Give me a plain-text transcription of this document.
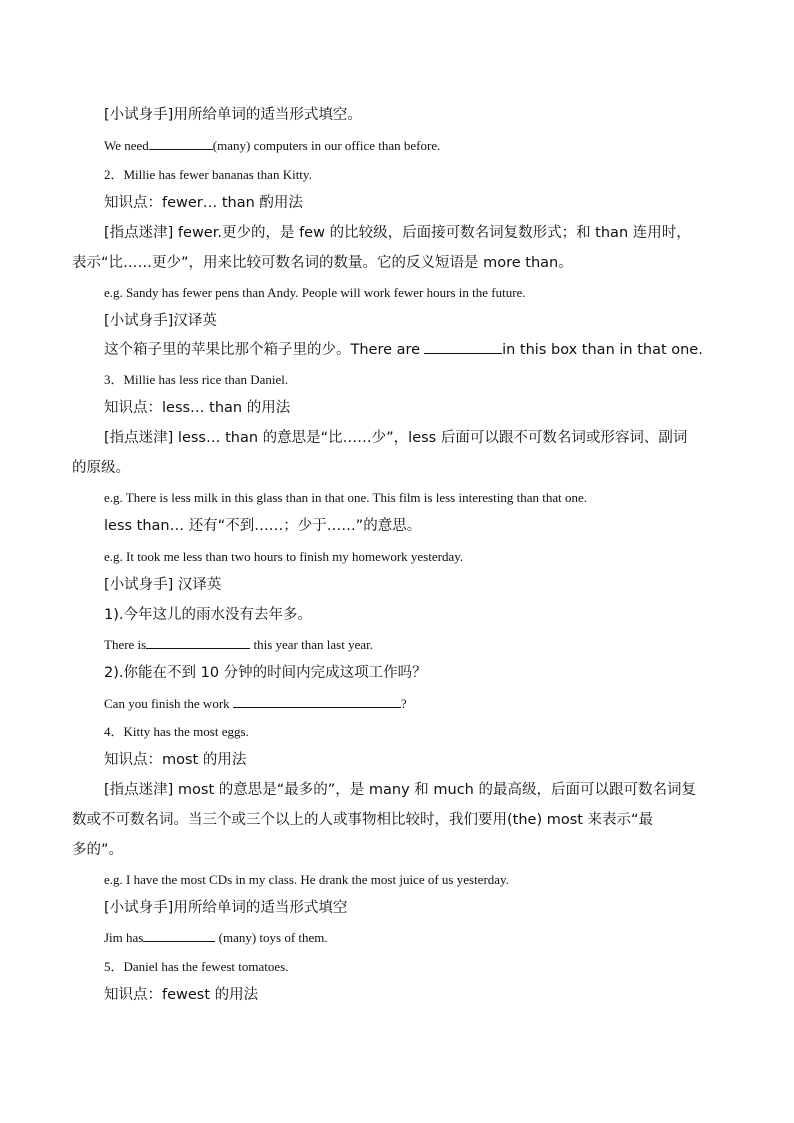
[小试身手]用所给单词的适当形式填空。
We need	(many) computers in our office than before.
2．Millie has fewer bananas than Kitty.
知识点：fewer… than 酌用法
[指点迷津] fewer.更少的，是 few 的比较级，后面接可数名词复数形式；和 than 连用时，
表示“比……更少”，用来比较可数名词的数量。它的反义短语是 more than。
e.g. Sandy has fewer pens than Andy. People will work fewer hours in the future.
[小试身手]汉译英
这个箱子里的苹果比那个箱子里的少。There are	in this box than in that one.
3．Millie has less rice than Daniel.
知识点：less… than 的用法
[指点迷津] less… than 的意思是“比……少”，less 后面可以跟不可数名词或形容词、副词
的原级。
e.g. There is less milk in this glass than in that one. This film is less interesting than that one.
less than… 还有“不到……；少于……”的意思。
e.g. It took me less than two hours to finish my homework yesterday.
[小试身手] 汉译英
1).今年这儿的雨水没有去年多。
There is	this year than last year.
2).你能在不到 10 分钟的时间内完成这项工作吗？
Can you finish the work	?
4．Kitty has the most eggs.
知识点：most 的用法
[指点迷津] most 的意思是“最多的”，是 many 和 much 的最高级，后面可以跟可数名词复
数或不可数名词。当三个或三个以上的人或事物相比较时，我们要用(the) most 来表示“最
多的”。
e.g. I have the most CDs in my class. He drank the most juice of us yesterday.
[小试身手]用所给单词的适当形式填空
Jim has	(many) toys of them.
5．Daniel has the fewest tomatoes.
知识点：fewest 的用法
